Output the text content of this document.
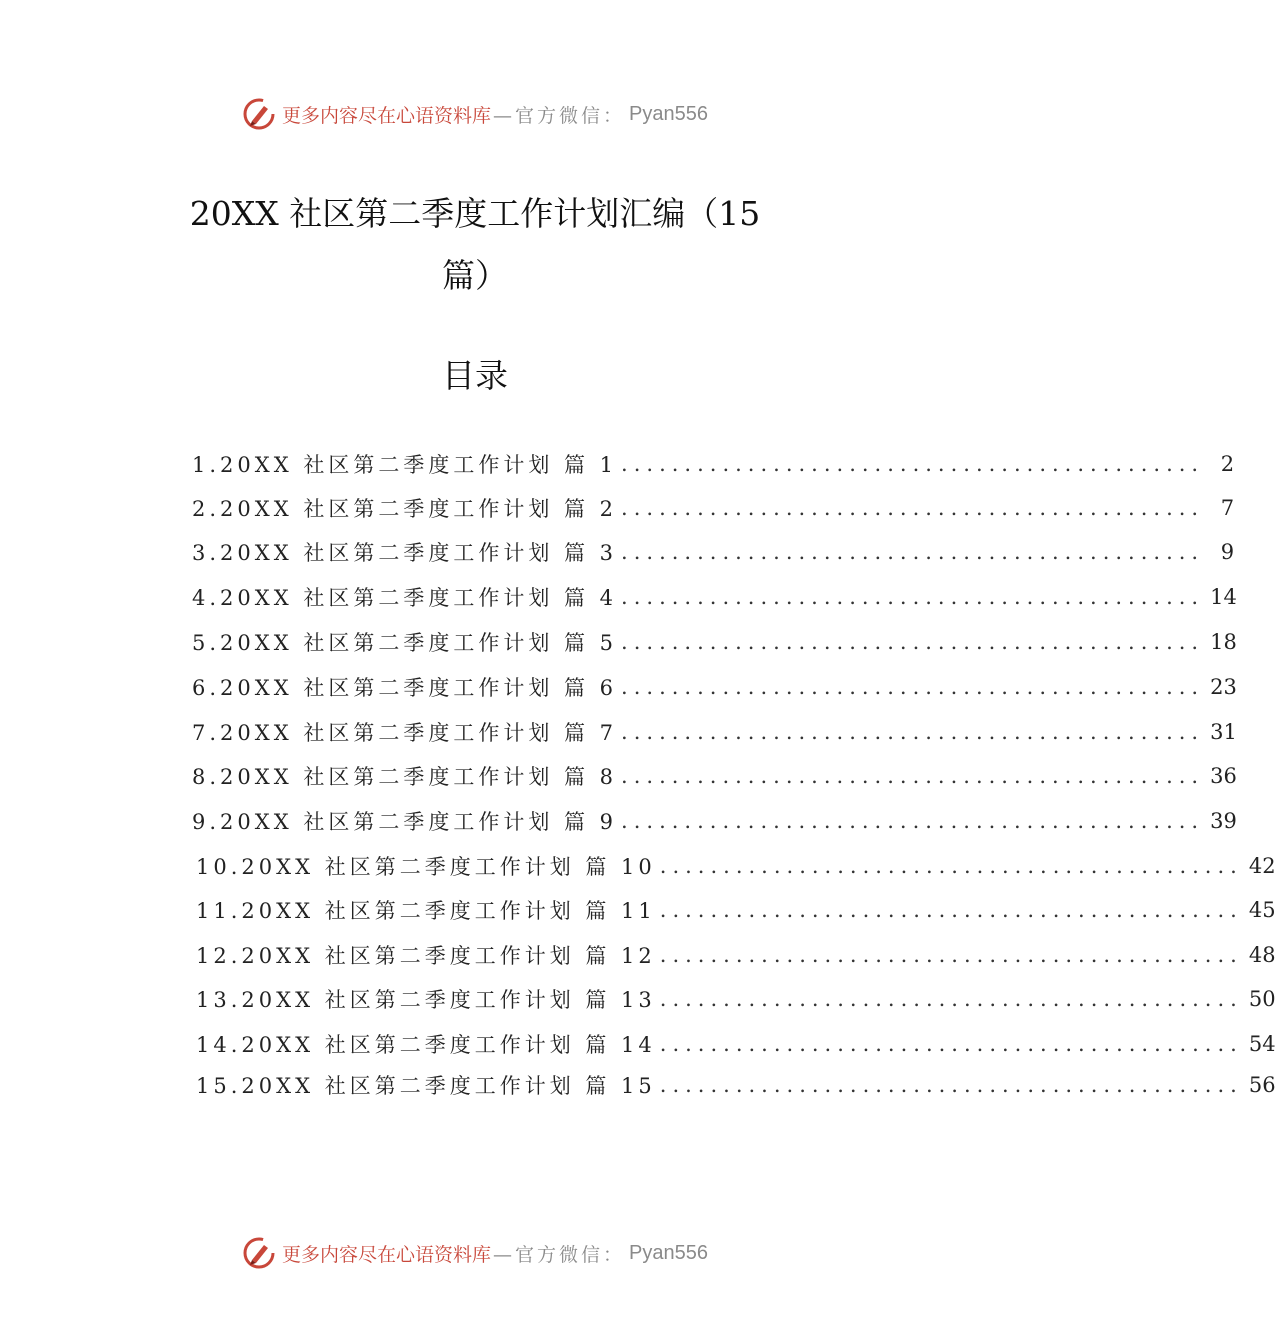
更多内容尽在心语资料库 —官方微信： Pyan556
20XX 社区第二季度工作计划汇编（15 篇）
目录
1.20XX 社区第二季度工作计划 篇 1 .............................................. 2
2.20XX 社区第二季度工作计划 篇 2 .............................................. 7
3.20XX 社区第二季度工作计划 篇 3 .............................................. 9
4.20XX 社区第二季度工作计划 篇 4 .............................................. 14
5.20XX 社区第二季度工作计划 篇 5 .............................................. 18
6.20XX 社区第二季度工作计划 篇 6 .............................................. 23
7.20XX 社区第二季度工作计划 篇 7 .............................................. 31
8.20XX 社区第二季度工作计划 篇 8 .............................................. 36
9.20XX 社区第二季度工作计划 篇 9 .............................................. 39
10.20XX 社区第二季度工作计划 篇 10 .............................................. 42
11.20XX 社区第二季度工作计划 篇 11 .............................................. 45
12.20XX 社区第二季度工作计划 篇 12 .............................................. 48
13.20XX 社区第二季度工作计划 篇 13 .............................................. 50
14.20XX 社区第二季度工作计划 篇 14 .............................................. 54
15.20XX 社区第二季度工作计划 篇 15 .............................................. 56
更多内容尽在心语资料库 —官方微信： Pyan556
